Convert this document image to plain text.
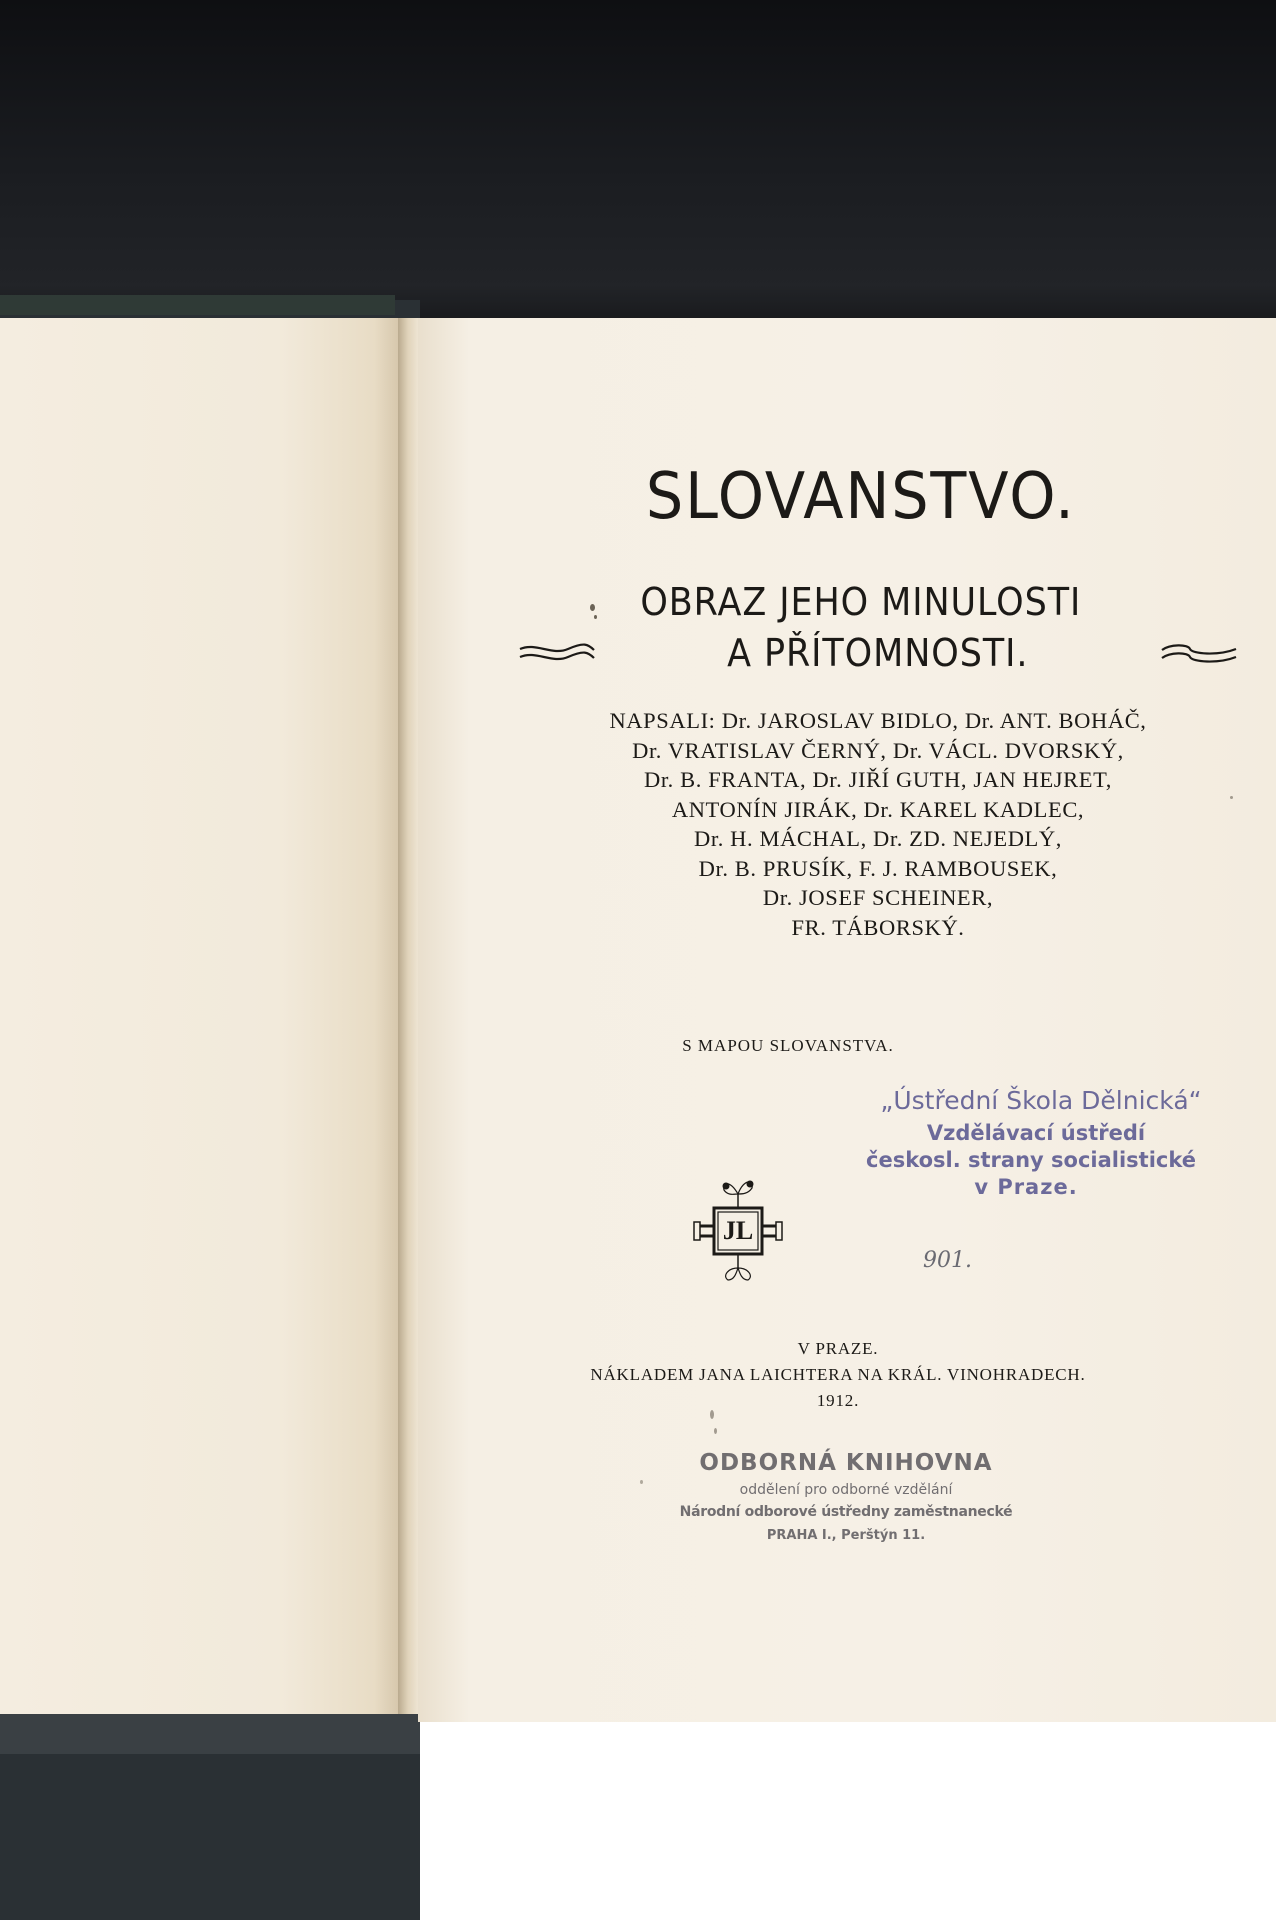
SLOVANSTVO.
OBRAZ JEHO MINULOSTI
A PŘÍTOMNOSTI.
NAPSALI: Dr. JAROSLAV BIDLO, Dr. ANT. BOHÁČ,
Dr. VRATISLAV ČERNÝ, Dr. VÁCL. DVORSKÝ,
Dr. B. FRANTA, Dr. JIŘÍ GUTH, JAN HEJRET,
ANTONÍN JIRÁK, Dr. KAREL KADLEC,
Dr. H. MÁCHAL, Dr. ZD. NEJEDLÝ,
Dr. B. PRUSÍK, F. J. RAMBOUSEK,
Dr. JOSEF SCHEINER,
FR. TÁBORSKÝ.
S MAPOU SLOVANSTVA.
„Ústřední Škola Dělnická“
Vzdělávací ústředí
českosl. strany socialistické
v Praze.
JL
901.
V PRAZE.
NÁKLADEM JANA LAICHTERA NA KRÁL. VINOHRADECH.
1912.
ODBORNÁ KNIHOVNA
oddělení pro odborné vzdělání
Národní odborové ústředny zaměstnanecké
PRAHA I., Perštýn 11.
